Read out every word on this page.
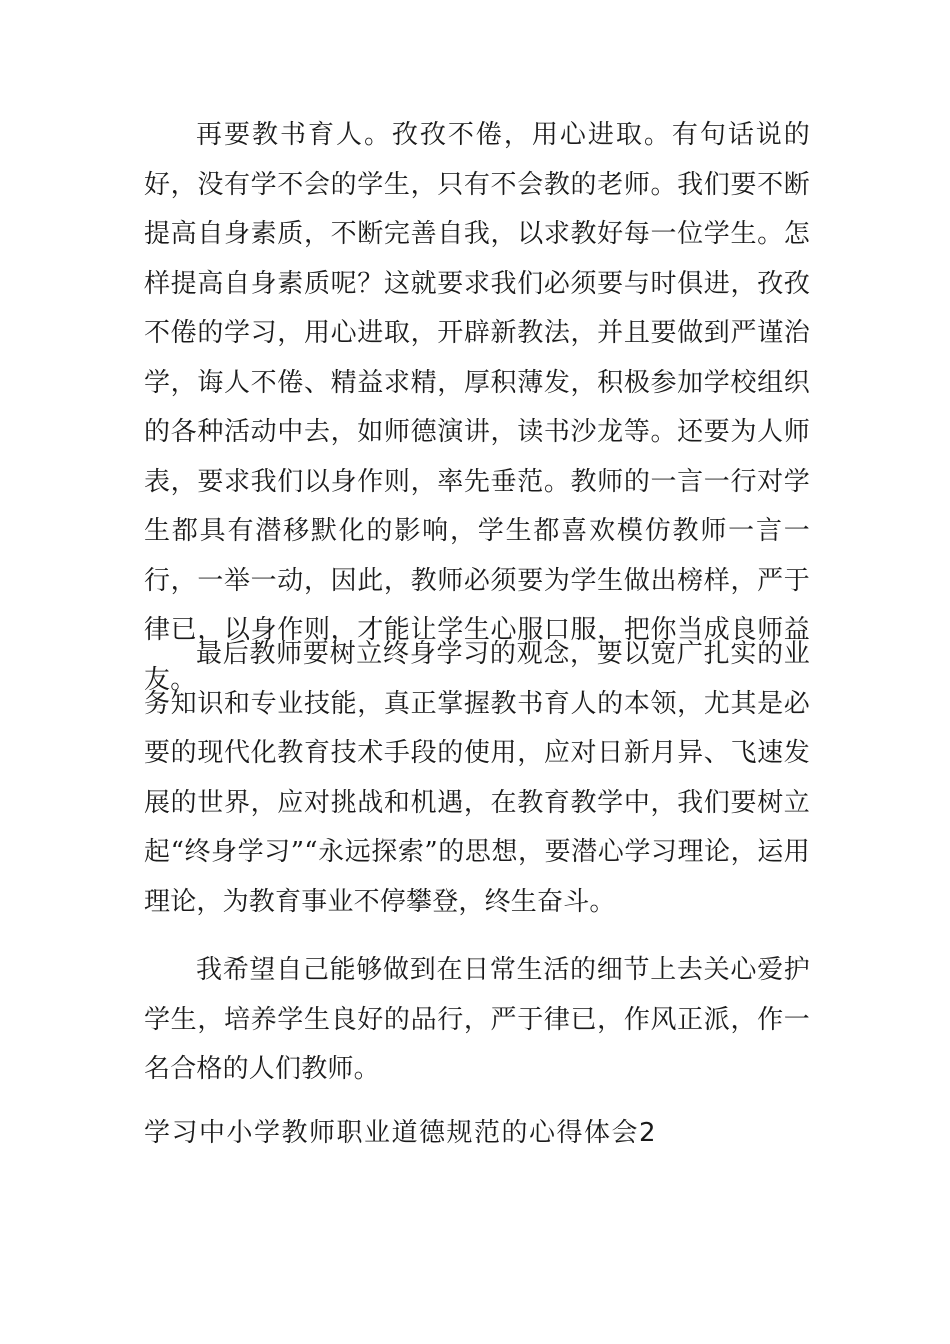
再要教书育人。孜孜不倦，用心进取。有句话说的好，没有学不会的学生，只有不会教的老师。我们要不断提高自身素质，不断完善自我，以求教好每一位学生。怎样提高自身素质呢？这就要求我们必须要与时俱进，孜孜不倦的学习，用心进取，开辟新教法，并且要做到严谨治学，诲人不倦、精益求精，厚积薄发，积极参加学校组织的各种活动中去，如师德演讲，读书沙龙等。还要为人师表，要求我们以身作则，率先垂范。教师的一言一行对学生都具有潜移默化的影响，学生都喜欢模仿教师一言一行，一举一动，因此，教师必须要为学生做出榜样，严于律已，以身作则，才能让学生心服口服，把你当成良师益友。

最后教师要树立终身学习的观念，要以宽广扎实的业务知识和专业技能，真正掌握教书育人的本领，尤其是必要的现代化教育技术手段的使用，应对日新月异、飞速发展的世界，应对挑战和机遇，在教育教学中，我们要树立起“终身学习”“永远探索”的思想，要潜心学习理论，运用理论，为教育事业不停攀登，终生奋斗。

我希望自己能够做到在日常生活的细节上去关心爱护学生，培养学生良好的品行，严于律已，作风正派，作一名合格的人们教师。

学习中小学教师职业道德规范的心得体会2
